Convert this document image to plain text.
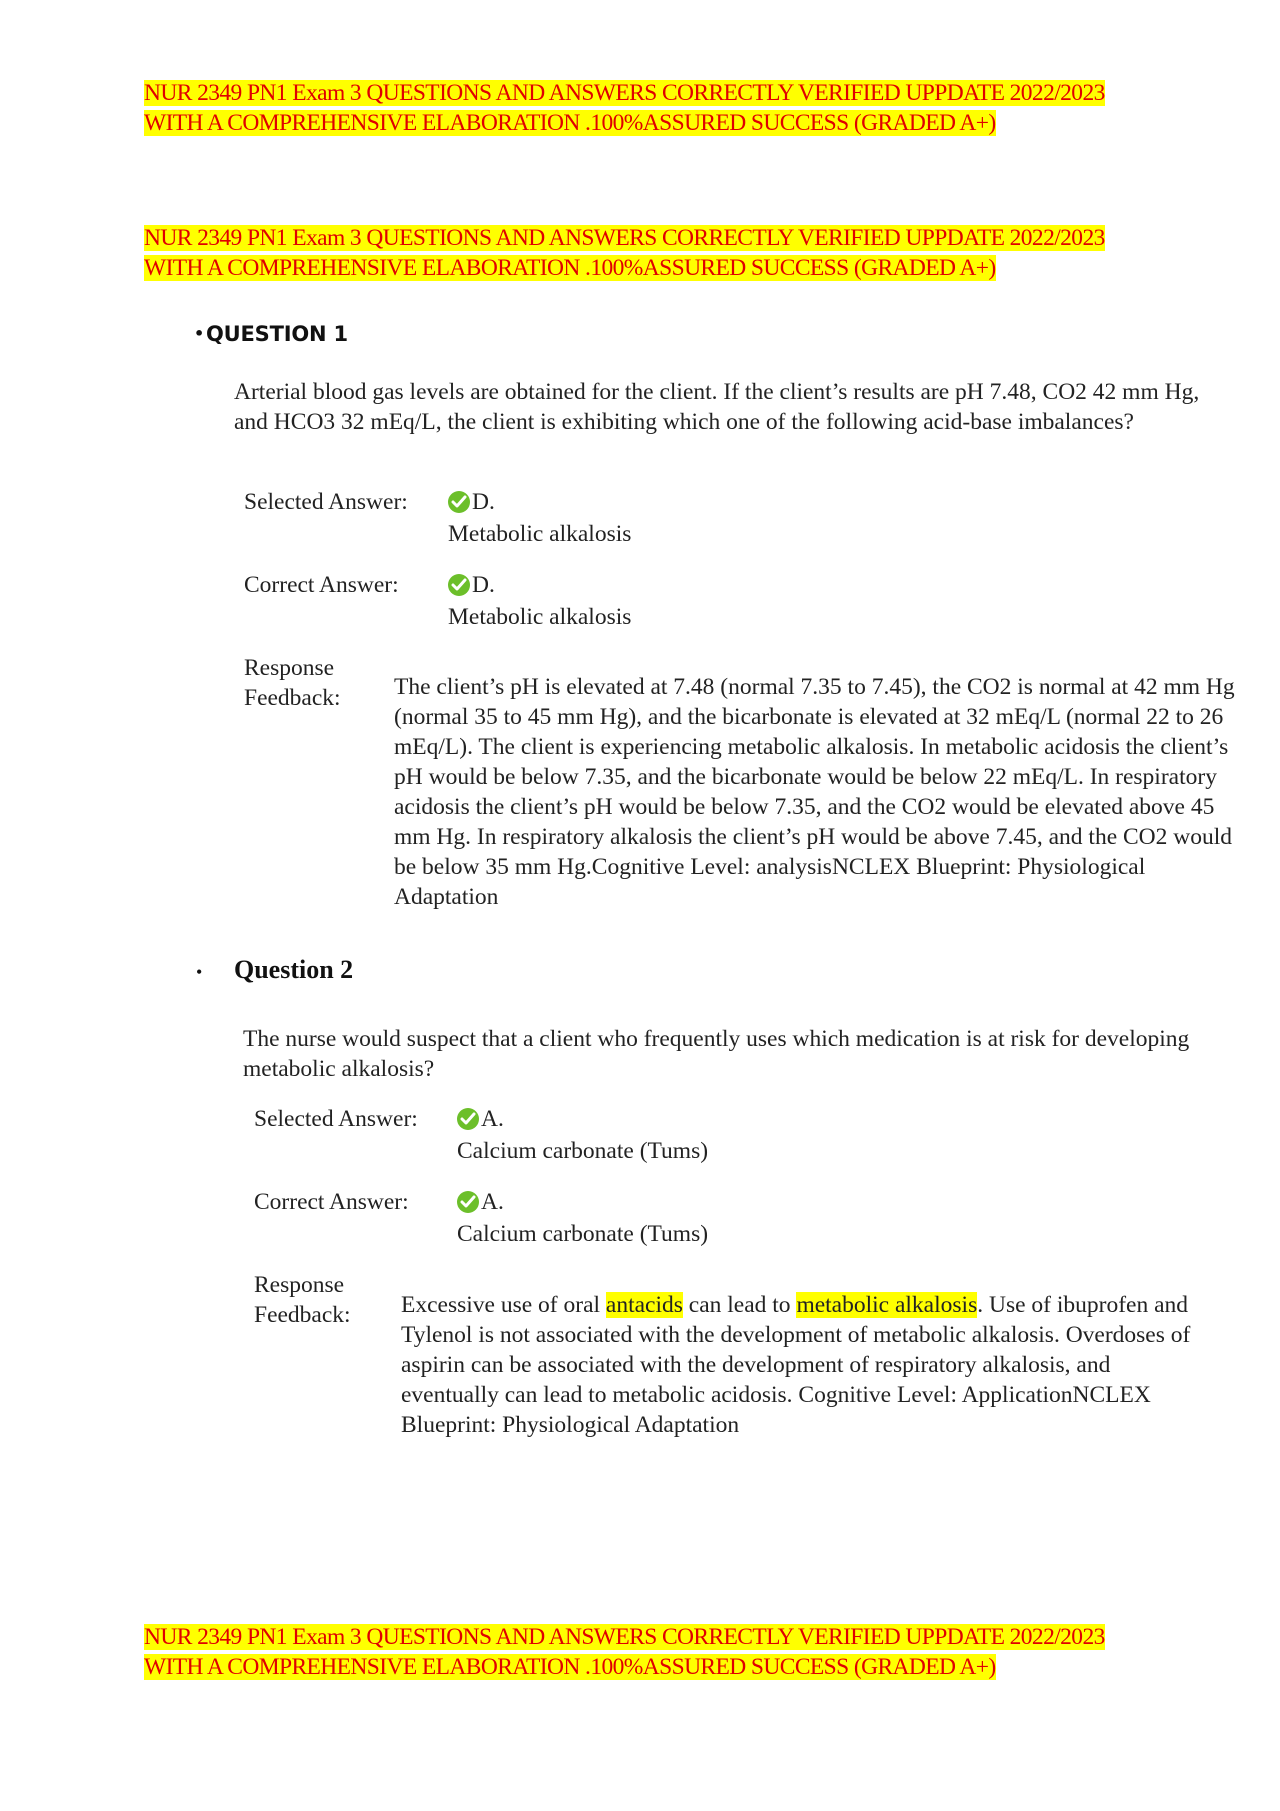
NUR 2349 PN1 Exam 3 QUESTIONS AND ANSWERS CORRECTLY VERIFIED UPPDATE 2022/2023
WITH A COMPREHENSIVE ELABORATION .100%ASSURED SUCCESS (GRADED A+)
NUR 2349 PN1 Exam 3 QUESTIONS AND ANSWERS CORRECTLY VERIFIED UPPDATE 2022/2023
WITH A COMPREHENSIVE ELABORATION .100%ASSURED SUCCESS (GRADED A+)
•QUESTION 1
Arterial blood gas levels are obtained for the client. If the client’s results are pH 7.48, CO2 42 mm Hg, and HCO3 32 mEq/L, the client is exhibiting which one of the following acid-base imbalances?
Selected Answer:	D.
Metabolic alkalosis
Correct Answer:	D.
Metabolic alkalosis
Response
Feedback: The client’s pH is elevated at 7.48 (normal 7.35 to 7.45), the CO2 is normal at 42 mm Hg (normal 35 to 45 mm Hg), and the bicarbonate is elevated at 32 mEq/L (normal 22 to 26 mEq/L). The client is experiencing metabolic alkalosis. In metabolic acidosis the client’s pH would be below 7.35, and the bicarbonate would be below 22 mEq/L. In respiratory acidosis the client’s pH would be below 7.35, and the CO2 would be elevated above 45 mm Hg. In respiratory alkalosis the client’s pH would be above 7.45, and the CO2 would be below 35 mm Hg.Cognitive Level: analysisNCLEX Blueprint: Physiological Adaptation
• Question 2
The nurse would suspect that a client who frequently uses which medication is at risk for developing metabolic alkalosis?
Selected Answer:	A.
Calcium carbonate (Tums)
Correct Answer:	A.
Calcium carbonate (Tums)
Response
Feedback: Excessive use of oral antacids can lead to metabolic alkalosis. Use of ibuprofen and Tylenol is not associated with the development of metabolic alkalosis. Overdoses of aspirin can be associated with the development of respiratory alkalosis, and eventually can lead to metabolic acidosis. Cognitive Level: ApplicationNCLEX Blueprint: Physiological Adaptation
NUR 2349 PN1 Exam 3 QUESTIONS AND ANSWERS CORRECTLY VERIFIED UPPDATE 2022/2023
WITH A COMPREHENSIVE ELABORATION .100%ASSURED SUCCESS (GRADED A+)
